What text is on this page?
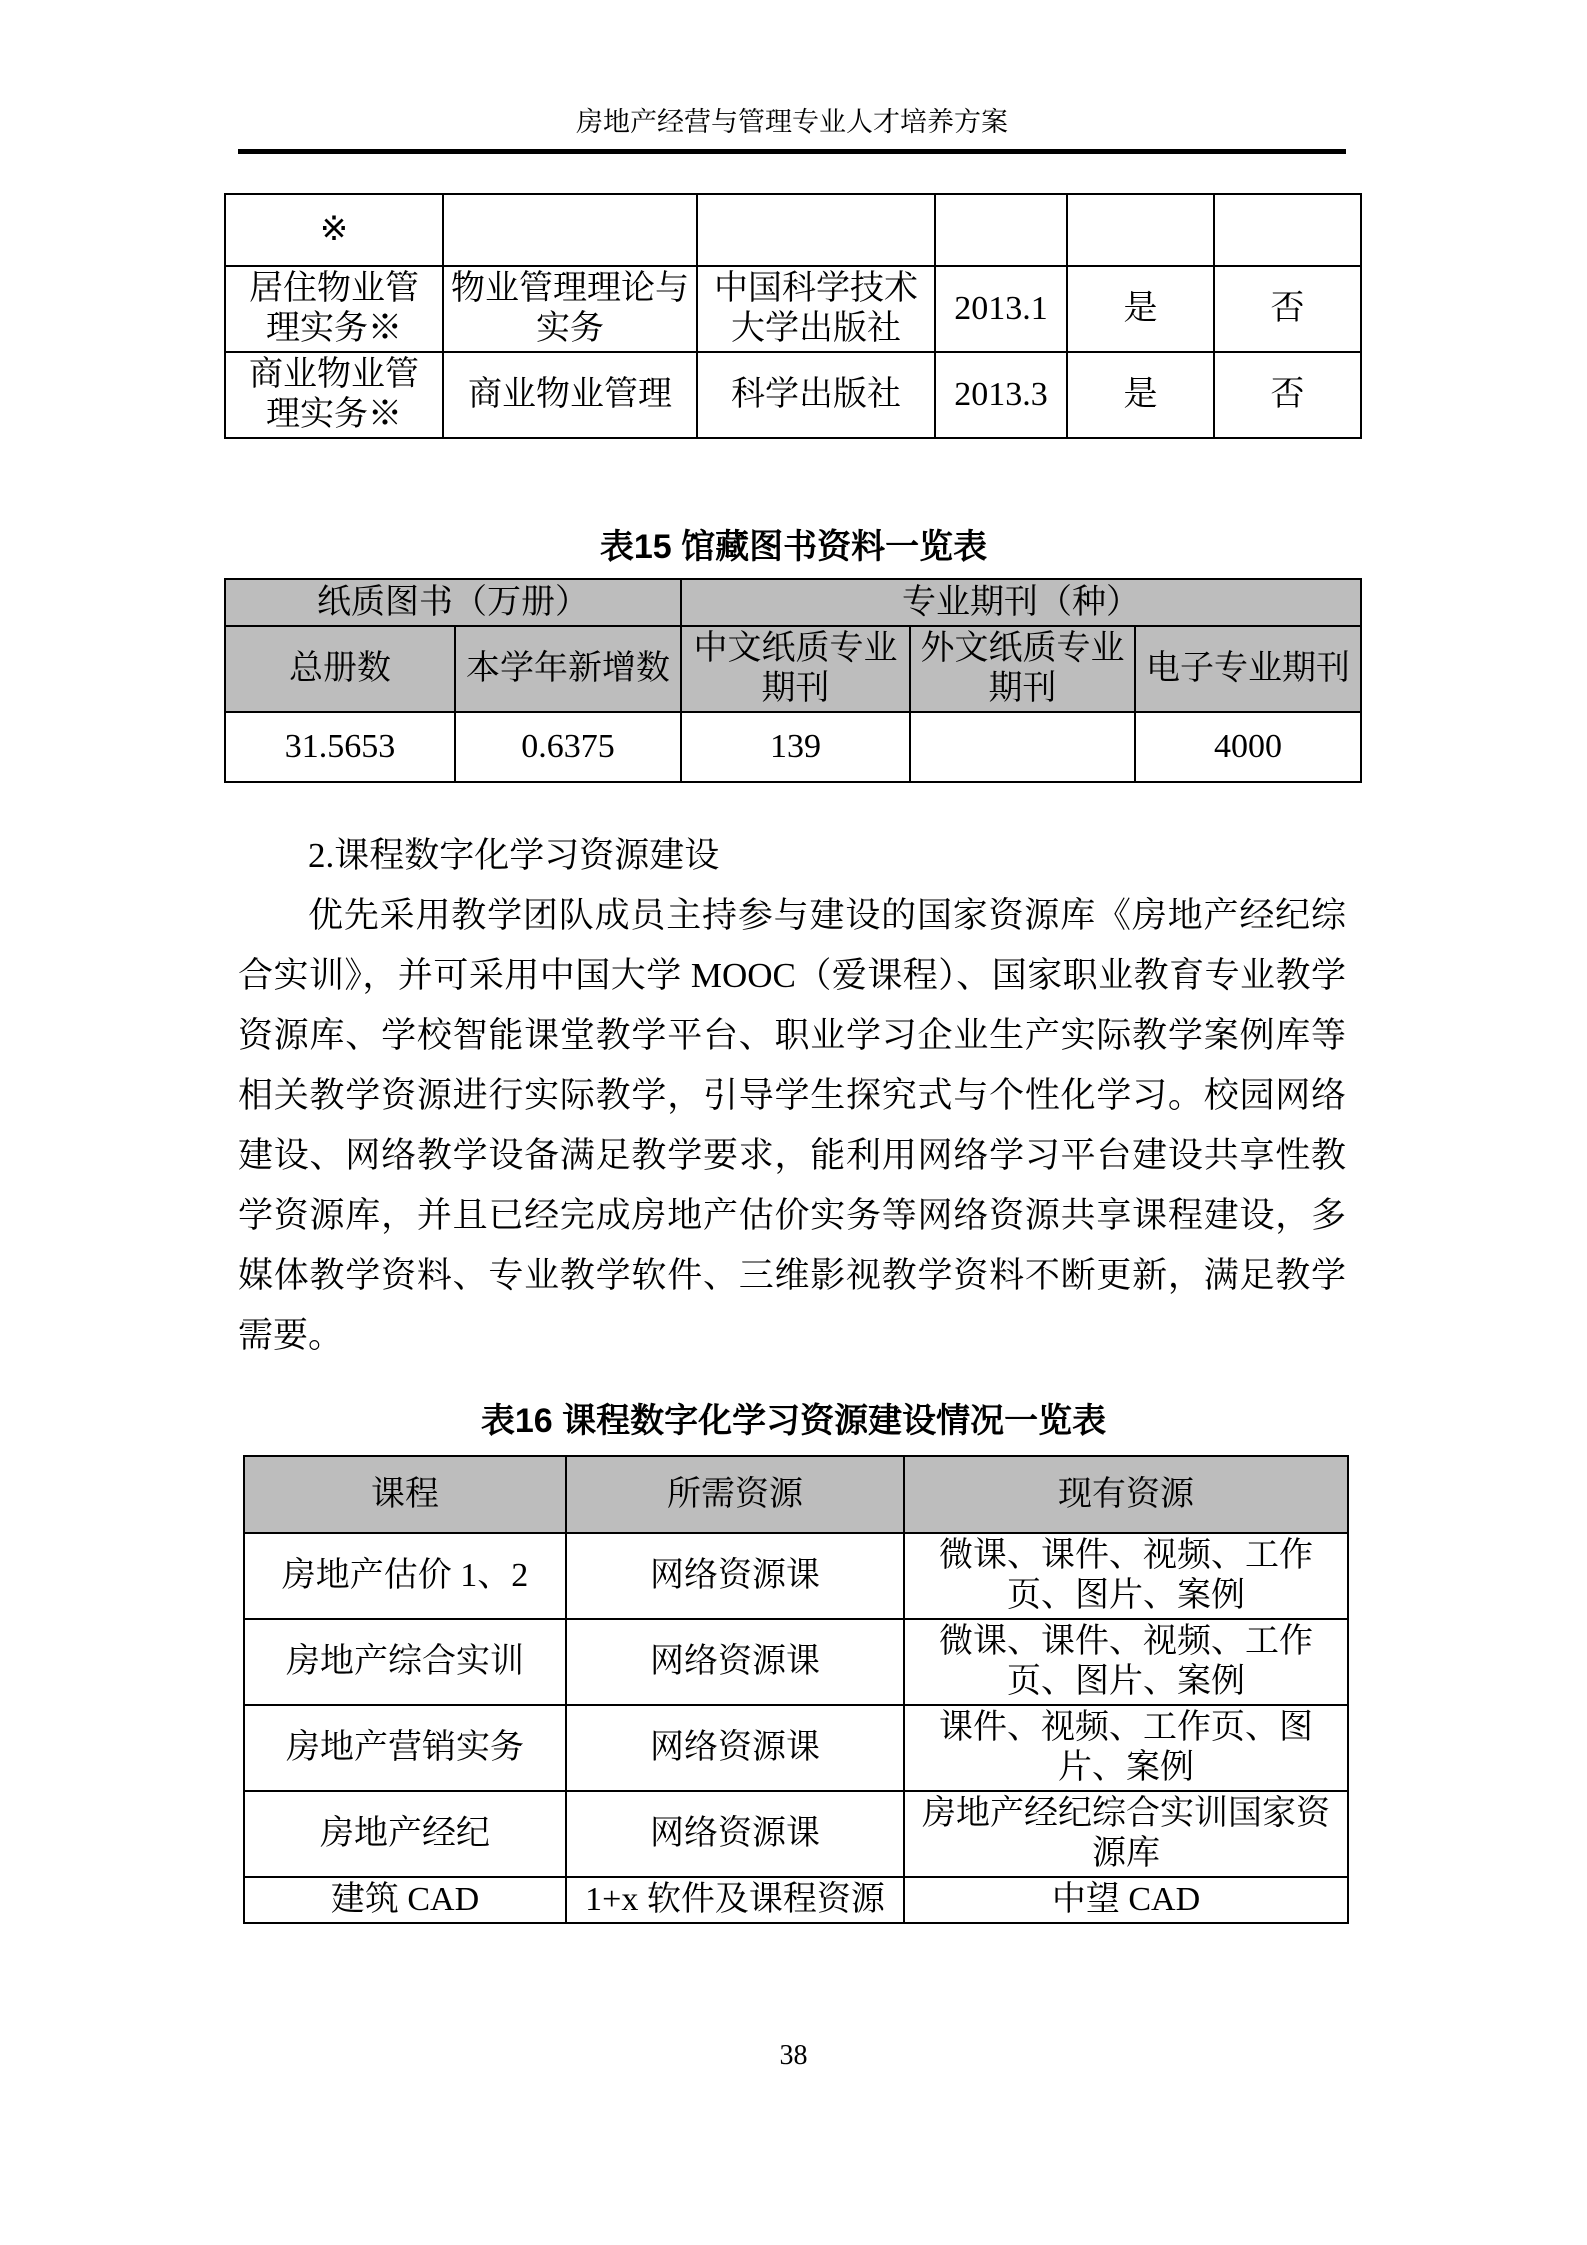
房地产经营与管理专业人才培养方案
※					
居住物业管理实务※	物业管理理论与实务	中国科学技术大学出版社	2013.1	是	否
商业物业管理实务※	商业物业管理	科学出版社	2013.3	是	否
表15 馆藏图书资料一览表
纸质图书（万册）		专业期刊（种）		
总册数	本学年新增数	中文纸质专业期刊	外文纸质专业期刊	电子专业期刊
31.5653	0.6375	139		4000
2.课程数字化学习资源建设
优先采用教学团队成员主持参与建设的国家资源库《房地产经纪综合实训》，并可采用中国大学 MOOC（爱课程）、国家职业教育专业教学资源库、学校智能课堂教学平台、职业学习企业生产实际教学案例库等相关教学资源进行实际教学，引导学生探究式与个性化学习。校园网络建设、网络教学设备满足教学要求，能利用网络学习平台建设共享性教学资源库，并且已经完成房地产估价实务等网络资源共享课程建设，多媒体教学资料、专业教学软件、三维影视教学资料不断更新，满足教学需要。
表16 课程数字化学习资源建设情况一览表
课程	所需资源	现有资源
房地产估价 1、2	网络资源课	微课、课件、视频、工作页、图片、案例
房地产综合实训	网络资源课	微课、课件、视频、工作页、图片、案例
房地产营销实务	网络资源课	课件、视频、工作页、图片、案例
房地产经纪	网络资源课	房地产经纪综合实训国家资源库
建筑 CAD	1+x 软件及课程资源	中望 CAD
38
